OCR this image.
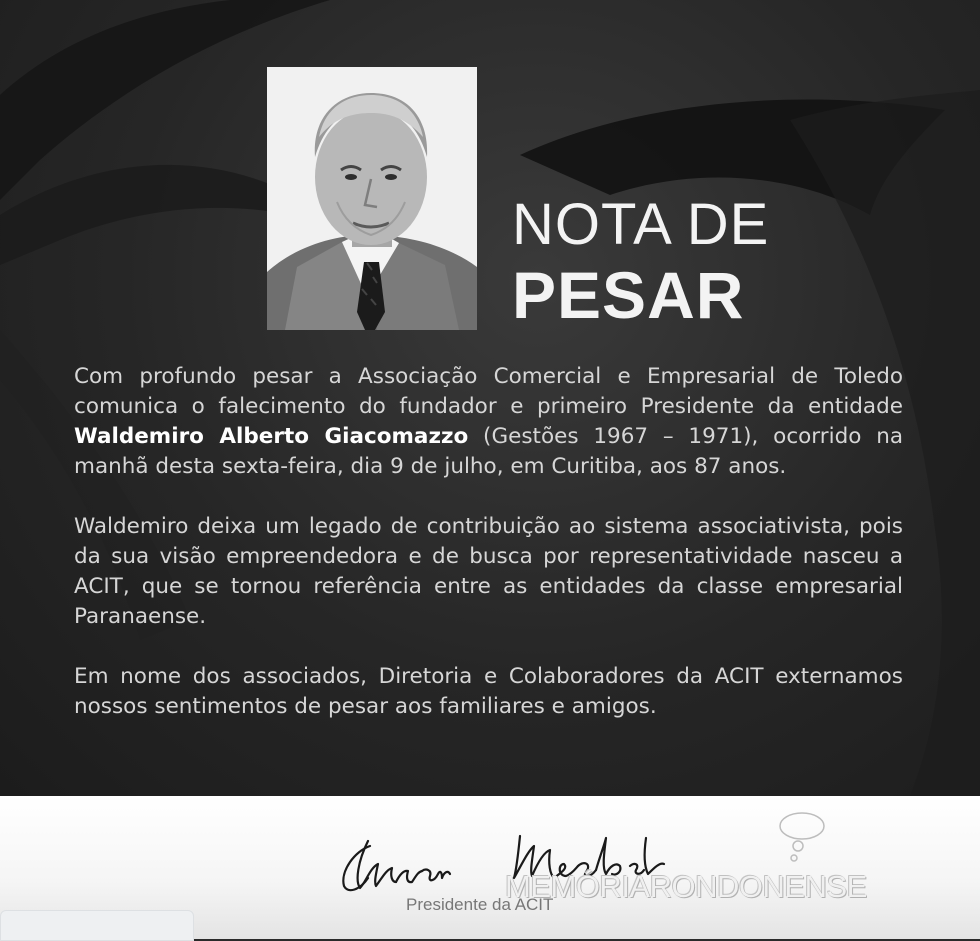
NOTA DE
PESAR

Com profundo pesar a Associação Comercial e Empresarial de Toledo comunica o falecimento do fundador e primeiro Presidente da entidade Waldemiro Alberto Giacomazzo (Gestões 1967 – 1971), ocorrido na manhã desta sexta-feira, dia 9 de julho, em Curitiba, aos 87 anos.

Waldemiro deixa um legado de contribuição ao sistema associativista, pois da sua visão empreendedora e de busca por representatividade nasceu a ACIT, que se tornou referência entre as entidades da classe empresarial Paranaense.

Em nome dos associados, Diretoria e Colaboradores da ACIT externamos nossos sentimentos de pesar aos familiares e amigos.

Presidente da ACIT
MEMÓRIARONDONENSE
